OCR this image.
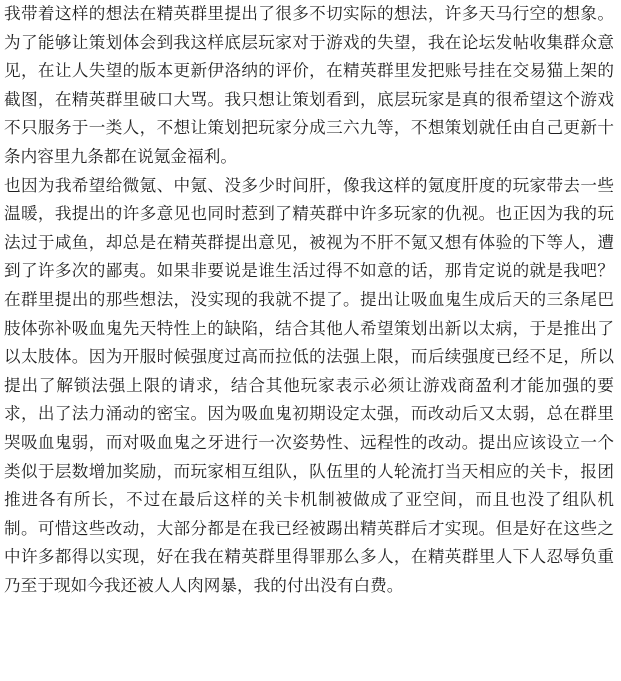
我带着这样的想法在精英群里提出了很多不切实际的想法，许多天马行空的想象。为了能够让策划体会到我这样底层玩家对于游戏的失望，我在论坛发帖收集群众意见，在让人失望的版本更新伊洛纳的评价，在精英群里发把账号挂在交易猫上架的截图，在精英群里破口大骂。我只想让策划看到，底层玩家是真的很希望这个游戏不只服务于一类人，不想让策划把玩家分成三六九等，不想策划就任由自己更新十条内容里九条都在说氪金福利。

也因为我希望给微氪、中氪、没多少时间肝，像我这样的氪度肝度的玩家带去一些温暖，我提出的许多意见也同时惹到了精英群中许多玩家的仇视。也正因为我的玩法过于咸鱼，却总是在精英群提出意见，被视为不肝不氪又想有体验的下等人，遭到了许多次的鄙夷。如果非要说是谁生活过得不如意的话，那肯定说的就是我吧？ 在群里提出的那些想法，没实现的我就不提了。提出让吸血鬼生成后天的三条尾巴肢体弥补吸血鬼先天特性上的缺陷，结合其他人希望策划出新以太病，于是推出了以太肢体。因为开服时候强度过高而拉低的法强上限，而后续强度已经不足，所以提出了解锁法强上限的请求，结合其他玩家表示必须让游戏商盈利才能加强的要求，出了法力涌动的密宝。因为吸血鬼初期设定太强，而改动后又太弱，总在群里哭吸血鬼弱，而对吸血鬼之牙进行一次姿势性、远程性的改动。提出应该设立一个类似于层数增加奖励，而玩家相互组队，队伍里的人轮流打当天相应的关卡，报团推进各有所长，不过在最后这样的关卡机制被做成了亚空间，而且也没了组队机制。可惜这些改动，大部分都是在我已经被踢出精英群后才实现。但是好在这些之中许多都得以实现，好在我在精英群里得罪那么多人，在精英群里人下人忍辱负重乃至于现如今我还被人人肉网暴，我的付出没有白费。
